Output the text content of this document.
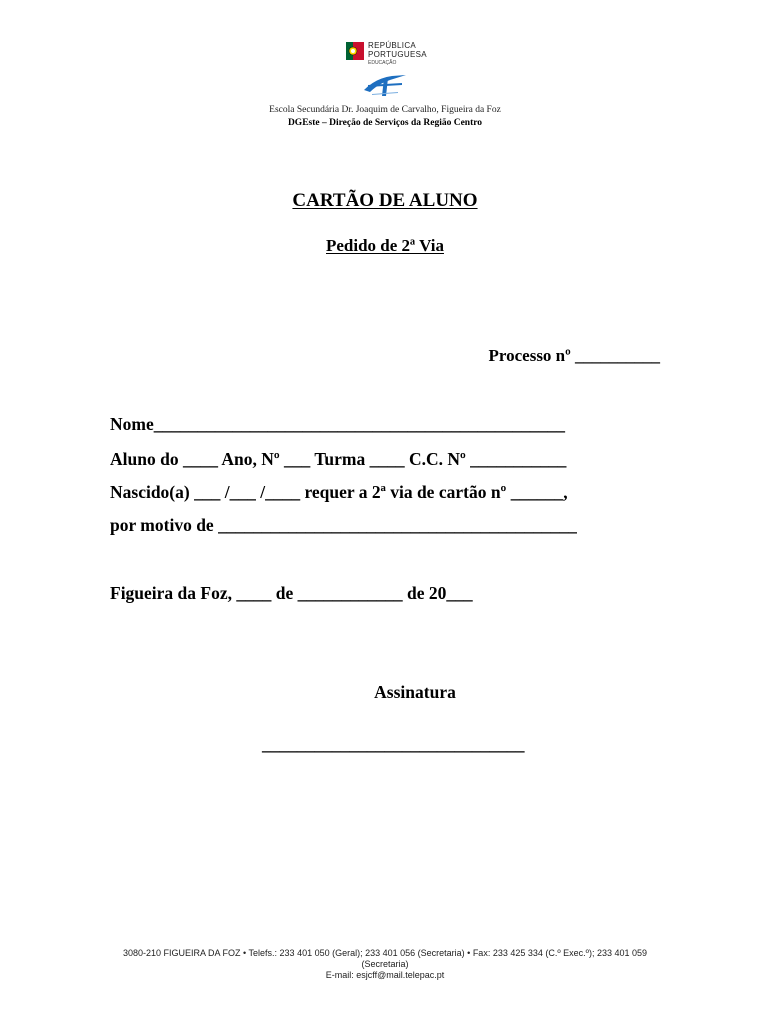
REPÚBLICA
PORTUGUESA
EDUCAÇÃO
Escola Secundária Dr. Joaquim de Carvalho, Figueira da Foz
DGEste – Direção de Serviços da Região Centro
CARTÃO DE ALUNO
Pedido de 2ª Via
Processo nº __________
Nome_______________________________________________
Aluno do ____ Ano, Nº ___ Turma ____ C.C. Nº ___________
Nascido(a) ___ /___ /____ requer a 2ª via de cartão nº ______,
por motivo de _________________________________________
Figueira da Foz, ____ de ____________ de 20___
Assinatura
______________________________
3080-210 FIGUEIRA DA FOZ • Telefs.: 233 401 050 (Geral); 233 401 056 (Secretaria) • Fax: 233 425 334 (C.º Exec.º); 233 401 059
(Secretaria)
E-mail: esjcff@mail.telepac.pt
